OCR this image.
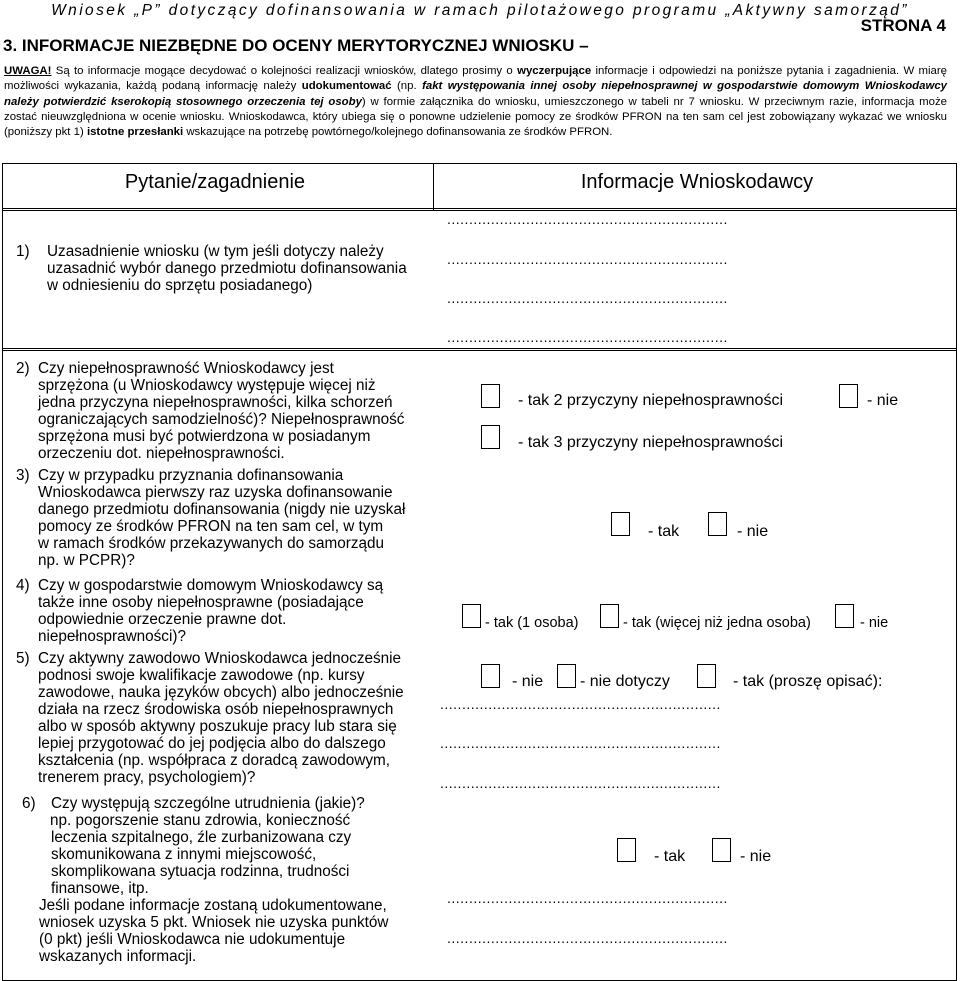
Wniosek „P” dotyczący dofinansowania w ramach pilotażowego programu „Aktywny samorząd”
STRONA 4
3. INFORMACJE NIEZBĘDNE DO OCENY MERYTORYCZNEJ WNIOSKU –
UWAGA! Są to informacje mogące decydować o kolejności realizacji wniosków, dlatego prosimy o wyczerpujące informacje i odpowiedzi na poniższe pytania i zagadnienia. W miarę możliwości wykazania, każdą podaną informację należy udokumentować (np. fakt występowania innej osoby niepełnosprawnej w gospodarstwie domowym Wnioskodawcy należy potwierdzić kserokopią stosownego orzeczenia tej osoby) w formie załącznika do wniosku, umieszczonego w tabeli nr 7 wniosku. W przeciwnym razie, informacja może zostać nieuwzględniona w ocenie wniosku. Wnioskodawca, który ubiega się o ponowne udzielenie pomocy ze środków PFRON na ten sam cel jest zobowiązany wykazać we wniosku (poniższy pkt 1) istotne przesłanki wskazujące na potrzebę powtórnego/kolejnego dofinansowania ze środków PFRON.
Pytanie/zagadnienie	Informacje Wnioskodawcy
1) Uzasadnienie wniosku (w tym jeśli dotyczy należy
uzasadnić wybór danego przedmiotu dofinansowania
w odniesieniu do sprzętu posiadanego)
................................................................
................................................................
................................................................
................................................................
2) Czy niepełnosprawność Wnioskodawcy jest
sprzężona (u Wnioskodawcy występuje więcej niż
jedna przyczyna niepełnosprawności, kilka schorzeń
ograniczających samodzielność)? Niepełnosprawność
sprzężona musi być potwierdzona w posiadanym
orzeczeniu dot. niepełnosprawności.
- tak 2 przyczyny niepełnosprawności	- nie
- tak 3 przyczyny niepełnosprawności
3) Czy w przypadku przyznania dofinansowania
Wnioskodawca pierwszy raz uzyska dofinansowanie
danego przedmiotu dofinansowania (nigdy nie uzyskał
pomocy ze środków PFRON na ten sam cel, w tym
w ramach środków przekazywanych do samorządu
np. w PCPR)?
- tak	- nie
4) Czy w gospodarstwie domowym Wnioskodawcy są
także inne osoby niepełnosprawne (posiadające
odpowiednie orzeczenie prawne dot.
niepełnosprawności)?
- tak (1 osoba)	- tak (więcej niż jedna osoba)	- nie
5) Czy aktywny zawodowo Wnioskodawca jednocześnie
podnosi swoje kwalifikacje zawodowe (np. kursy
zawodowe, nauka języków obcych) albo jednocześnie
działa na rzecz środowiska osób niepełnosprawnych
albo w sposób aktywny poszukuje pracy lub stara się
lepiej przygotować do jej podjęcia albo do dalszego
kształcenia (np. współpraca z doradcą zawodowym,
trenerem pracy, psychologiem)?
- nie - nie dotyczy	- tak (proszę opisać):
................................................................
................................................................
................................................................
6) Czy występują szczególne utrudnienia (jakie)?
np. pogorszenie stanu zdrowia, konieczność
leczenia szpitalnego, źle zurbanizowana czy
skomunikowana z innymi miejscowość,
skomplikowana sytuacja rodzinna, trudności
finansowe, itp.
Jeśli podane informacje zostaną udokumentowane,
wniosek uzyska 5 pkt. Wniosek nie uzyska punktów
(0 pkt) jeśli Wnioskodawca nie udokumentuje
wskazanych informacji.
- tak	- nie
................................................................
................................................................
